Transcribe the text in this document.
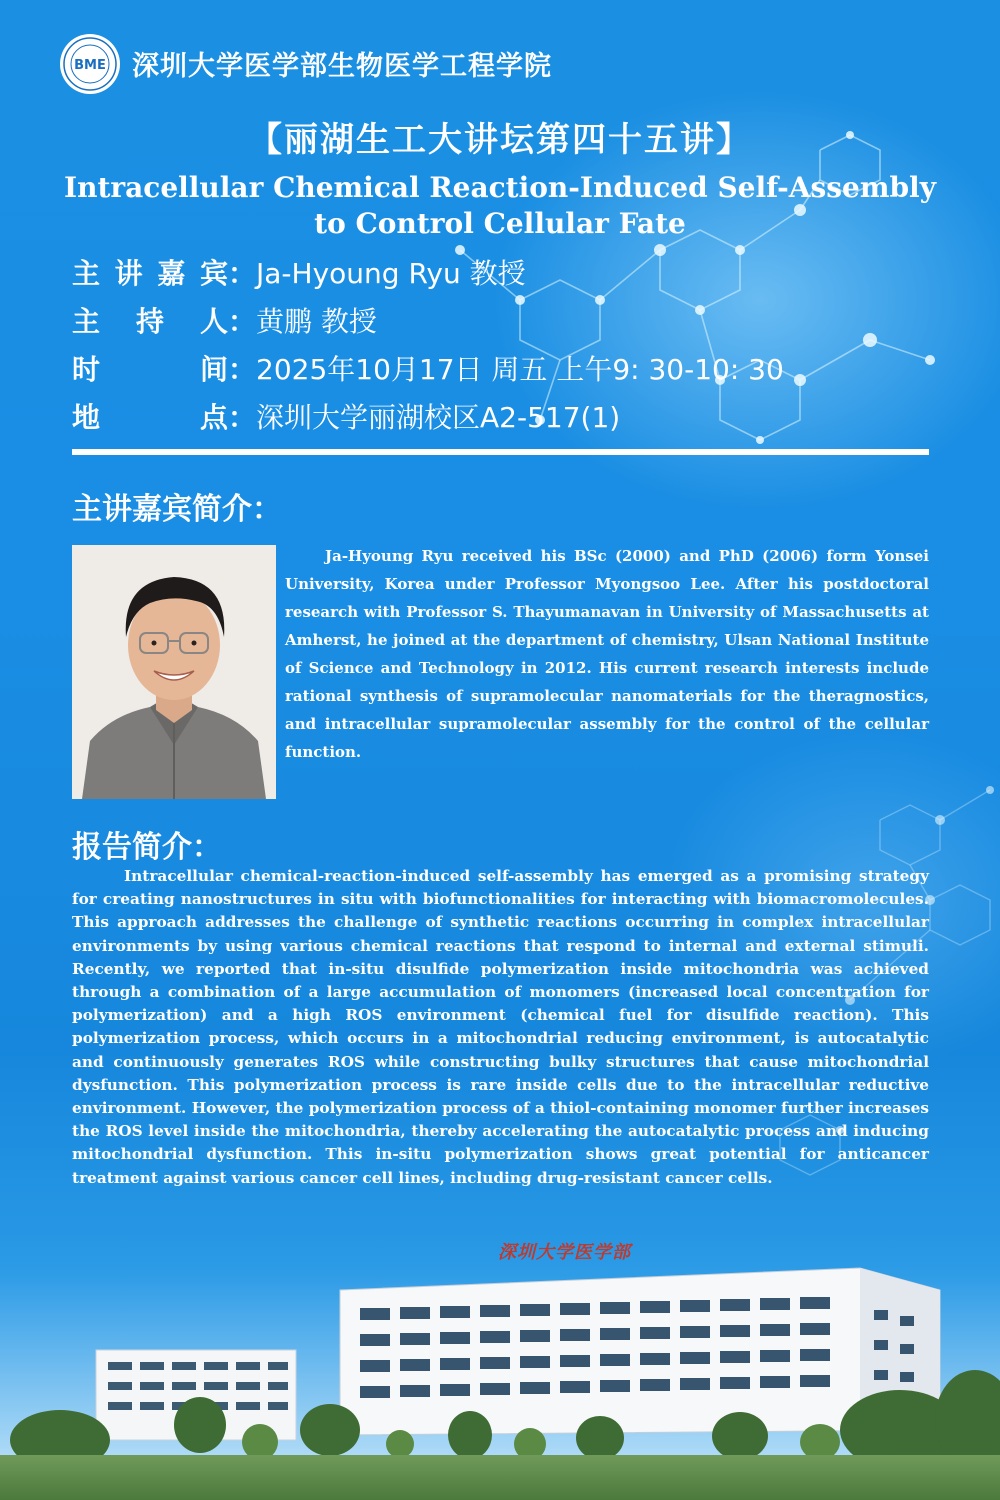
BME 深圳大学医学部生物医学工程学院
【丽湖生工大讲坛第四十五讲】
Intracellular Chemical Reaction-Induced Self-Assembly
to Control Cellular Fate
主讲嘉宾：Ja-Hyoung Ryu 教授
主 持 人：黄鹏 教授
时 间：2025年10月17日 周五 上午9: 30-10: 30
地 点：深圳大学丽湖校区A2-517(1)
主讲嘉宾简介：
Ja-Hyoung Ryu received his BSc (2000) and PhD (2006) form Yonsei University, Korea under Professor Myongsoo Lee. After his postdoctoral research with Professor S. Thayumanavan in University of Massachusetts at Amherst, he joined at the department of chemistry, Ulsan National Institute of Science and Technology in 2012. His current research interests include rational synthesis of supramolecular nanomaterials for the theragnostics, and intracellular supramolecular assembly for the control of the cellular function.
报告简介：
Intracellular chemical-reaction-induced self-assembly has emerged as a promising strategy for creating nanostructures in situ with biofunctionalities for interacting with biomacromolecules. This approach addresses the challenge of synthetic reactions occurring in complex intracellular environments by using various chemical reactions that respond to internal and external stimuli. Recently, we reported that in-situ disulfide polymerization inside mitochondria was achieved through a combination of a large accumulation of monomers (increased local concentration for polymerization) and a high ROS environment (chemical fuel for disulfide reaction). This polymerization process, which occurs in a mitochondrial reducing environment, is autocatalytic and continuously generates ROS while constructing bulky structures that cause mitochondrial dysfunction. This polymerization process is rare inside cells due to the intracellular reductive environment. However, the polymerization process of a thiol-containing monomer further increases the ROS level inside the mitochondria, thereby accelerating the autocatalytic process and inducing mitochondrial dysfunction. This in-situ polymerization shows great potential for anticancer treatment against various cancer cell lines, including drug-resistant cancer cells.
深圳大学医学部
